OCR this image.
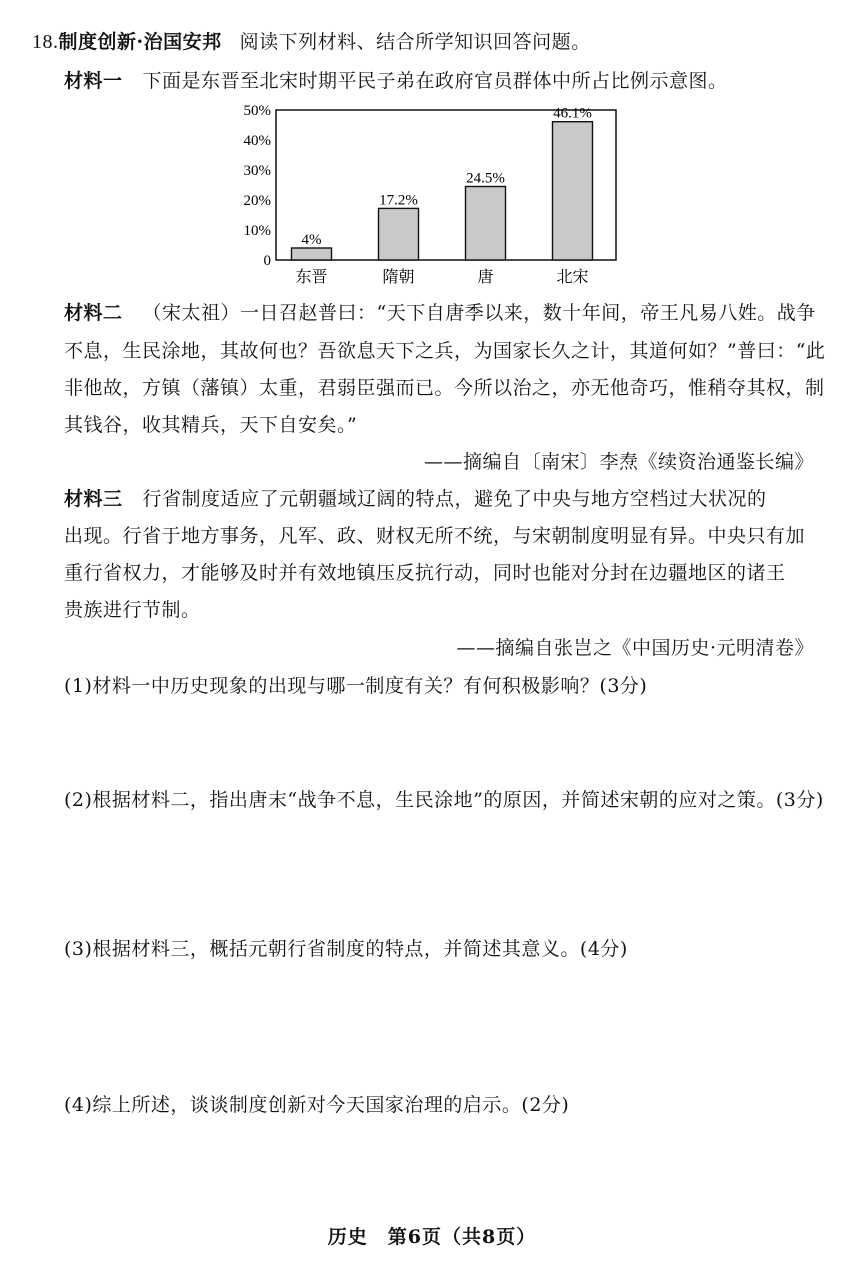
18.制度创新·治国安邦 阅读下列材料、结合所学知识回答问题。
材料一 下面是东晋至北宋时期平民子弟在政府官员群体中所占比例示意图。
0
10%
20%
30%
40%
50%
4%
17.2%
24.5%
46.1%
东晋	隋朝	唐	北宋
材料二 （宋太祖）一日召赵普曰：“天下自唐季以来，数十年间，帝王凡易八姓。战争
不息，生民涂地，其故何也？吾欲息天下之兵，为国家长久之计，其道何如？”普曰：“此
非他故，方镇（藩镇）太重，君弱臣强而已。今所以治之，亦无他奇巧，惟稍夺其权，制
其钱谷，收其精兵，天下自安矣。”
——摘编自〔南宋〕李焘《续资治通鉴长编》
材料三 行省制度适应了元朝疆域辽阔的特点，避免了中央与地方空档过大状况的
出现。行省于地方事务，凡军、政、财权无所不统，与宋朝制度明显有异。中央只有加
重行省权力，才能够及时并有效地镇压反抗行动，同时也能对分封在边疆地区的诸王
贵族进行节制。
——摘编自张岂之《中国历史·元明清卷》
(1)材料一中历史现象的出现与哪一制度有关？有何积极影响？(3分)
(2)根据材料二，指出唐末“战争不息，生民涂地”的原因，并简述宋朝的应对之策。(3分)
(3)根据材料三，概括元朝行省制度的特点，并简述其意义。(4分)
(4)综上所述，谈谈制度创新对今天国家治理的启示。(2分)
历史　第6页（共8页）
